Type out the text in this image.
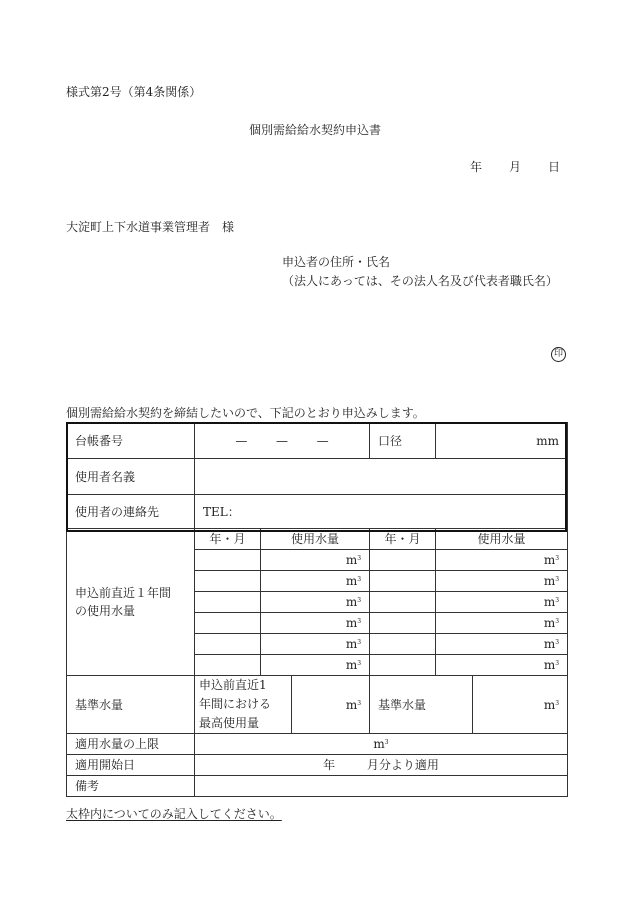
様式第2号（第4条関係）
個別需給給水契約申込書
年 月 日
大淀町上下水道事業管理者　様
申込者の住所・氏名
（法人にあっては、その法人名及び代表者職氏名）
印
個別需給給水契約を締結したいので、下記のとおり申込みします。
台帳番号	— — —			口径	mm	
使用者名義						
使用者の連絡先	TEL：					
申込前直近１年間
の使用水量	年・月	使用水量		年・月	使用水量	
		$m^3$			$m^3$
		$m^3$			$m^3$
		$m^3$			$m^3$
		$m^3$			$m^3$
		$m^3$			$m^3$
		$m^3$			$m^3$
基準水量	申込前直近1
年間における
最高使用量		$m^3$	基準水量		$m^3$
適用水量の上限	$m^3$
適用開始日	年 月分より適用					
備考						
太枠内についてのみ記入してください。
